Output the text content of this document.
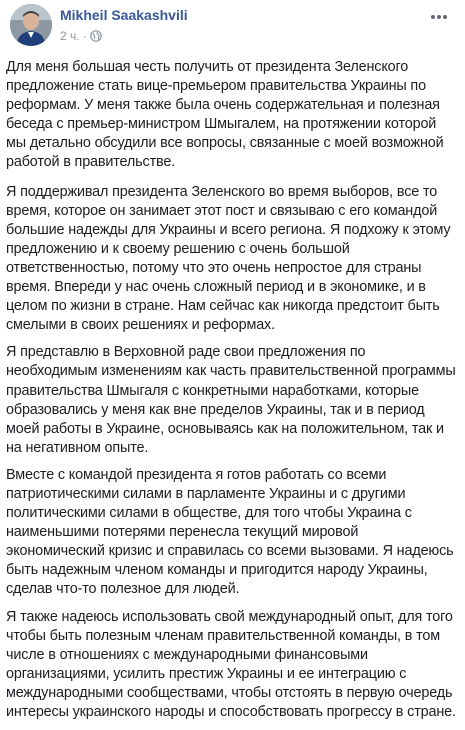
Mikheil Saakashvili
2 ч. ·

Для меня большая честь получить от президента Зеленского предложение стать вице-премьером правительства Украины по реформам. У меня также была очень содержательная и полезная беседа с премьер-министром Шмыгалем, на протяжении которой мы детально обсудили все вопросы, связанные с моей возможной работой в правительстве.

Я поддерживал президента Зеленского во время выборов, все то время, которое он занимает этот пост и связываю с его командой большие надежды для Украины и всего региона. Я подхожу к этому предложению и к своему решению с очень большой ответственностью, потому что это очень непростое для страны время. Впереди у нас очень сложный период и в экономике, и в целом по жизни в стране. Нам сейчас как никогда предстоит быть смелыми в своих решениях и реформах.

Я представлю в Верховной раде свои предложения по необходимым изменениям как часть правительственной программы правительства Шмыгаля с конкретными наработками, которые образовались у меня как вне пределов Украины, так и в период моей работы в Украине, основываясь как на положительном, так и на негативном опыте.

Вместе с командой президента я готов работать со всеми патриотическими силами в парламенте Украины и с другими политическими силами в обществе, для того чтобы Украина с наименьшими потерями перенесла текущий мировой экономический кризис и справилась со всеми вызовами. Я надеюсь быть надежным членом команды и пригодится народу Украины, сделав что-то полезное для людей.

Я также надеюсь использовать свой международный опыт, для того чтобы быть полезным членам правительственной команды, в том числе в отношениях с международными финансовыми организациями, усилить престиж Украины и ее интеграцию с международными сообществами, чтобы отстоять в первую очередь интересы украинского народы и способствовать прогрессу в стране.
